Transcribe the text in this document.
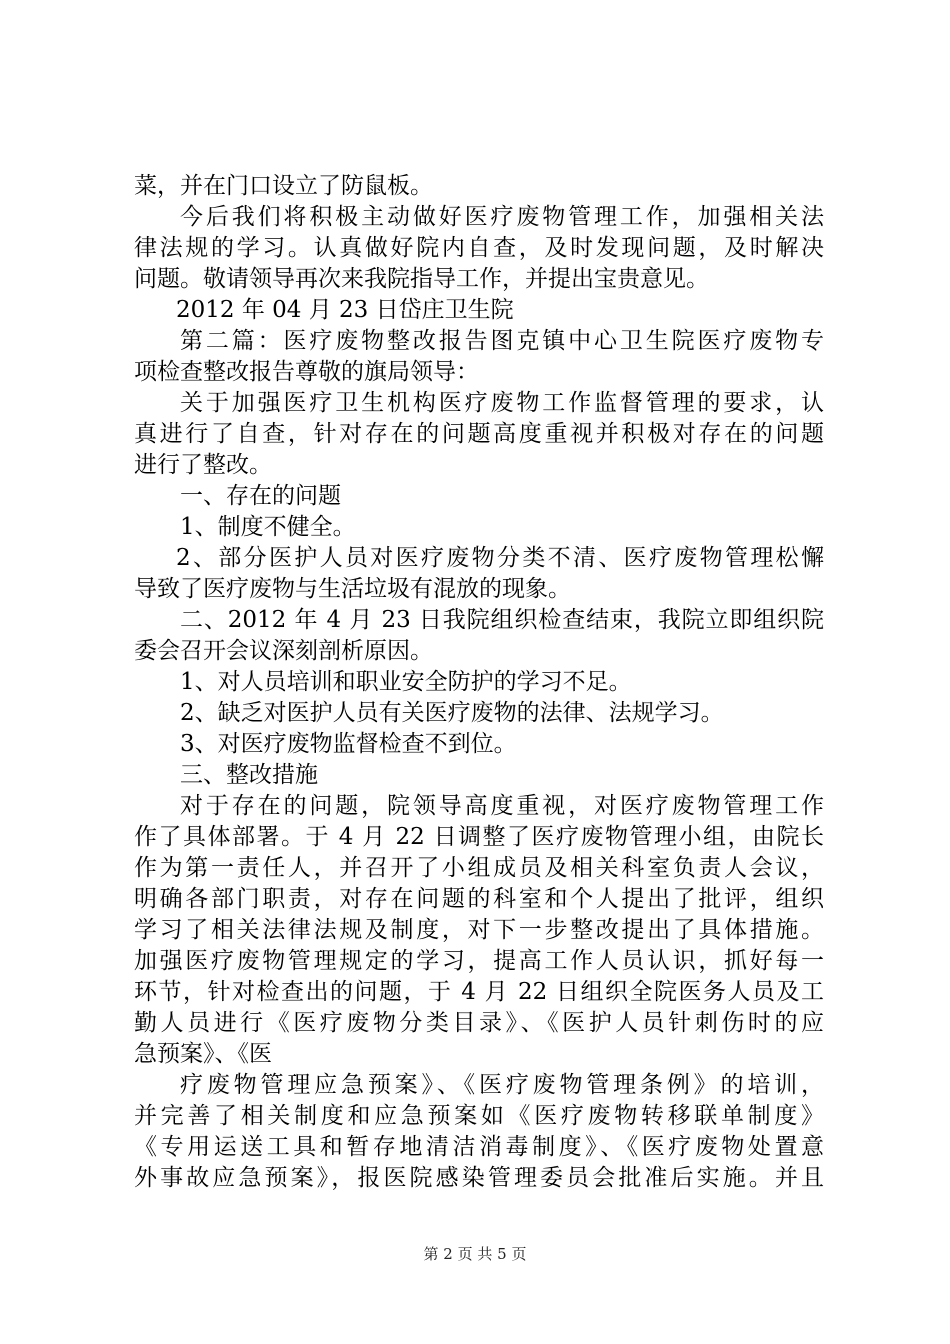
菜，并在门口设立了防鼠板。
今后我们将积极主动做好医疗废物管理工作，加强相关法
律法规的学习。认真做好院内自查，及时发现问题，及时解决
问题。敬请领导再次来我院指导工作，并提出宝贵意见。
2012 年 04 月 23 日岱庄卫生院
第二篇：医疗废物整改报告图克镇中心卫生院医疗废物专
项检查整改报告尊敬的旗局领导：
关于加强医疗卫生机构医疗废物工作监督管理的要求，认
真进行了自查，针对存在的问题高度重视并积极对存在的问题
进行了整改。
一、存在的问题
1、制度不健全。
2、部分医护人员对医疗废物分类不清、医疗废物管理松懈
导致了医疗废物与生活垃圾有混放的现象。
二、2012 年 4 月 23 日我院组织检查结束，我院立即组织院
委会召开会议深刻剖析原因。
1、对人员培训和职业安全防护的学习不足。
2、缺乏对医护人员有关医疗废物的法律、法规学习。
3、对医疗废物监督检查不到位。
三、整改措施
对于存在的问题，院领导高度重视，对医疗废物管理工作
作了具体部署。于 4 月 22 日调整了医疗废物管理小组，由院长
作为第一责任人，并召开了小组成员及相关科室负责人会议，
明确各部门职责，对存在问题的科室和个人提出了批评，组织
学习了相关法律法规及制度，对下一步整改提出了具体措施。
加强医疗废物管理规定的学习，提高工作人员认识，抓好每一
环节，针对检查出的问题，于 4 月 22 日组织全院医务人员及工
勤人员进行《医疗废物分类目录》、《医护人员针刺伤时的应
急预案》、《医
疗废物管理应急预案》、《医疗废物管理条例》的培训，
并完善了相关制度和应急预案如《医疗废物转移联单制度》
《专用运送工具和暂存地清洁消毒制度》、《医疗废物处置意
外事故应急预案》，报医院感染管理委员会批准后实施。并且
第 2 页 共 5 页
